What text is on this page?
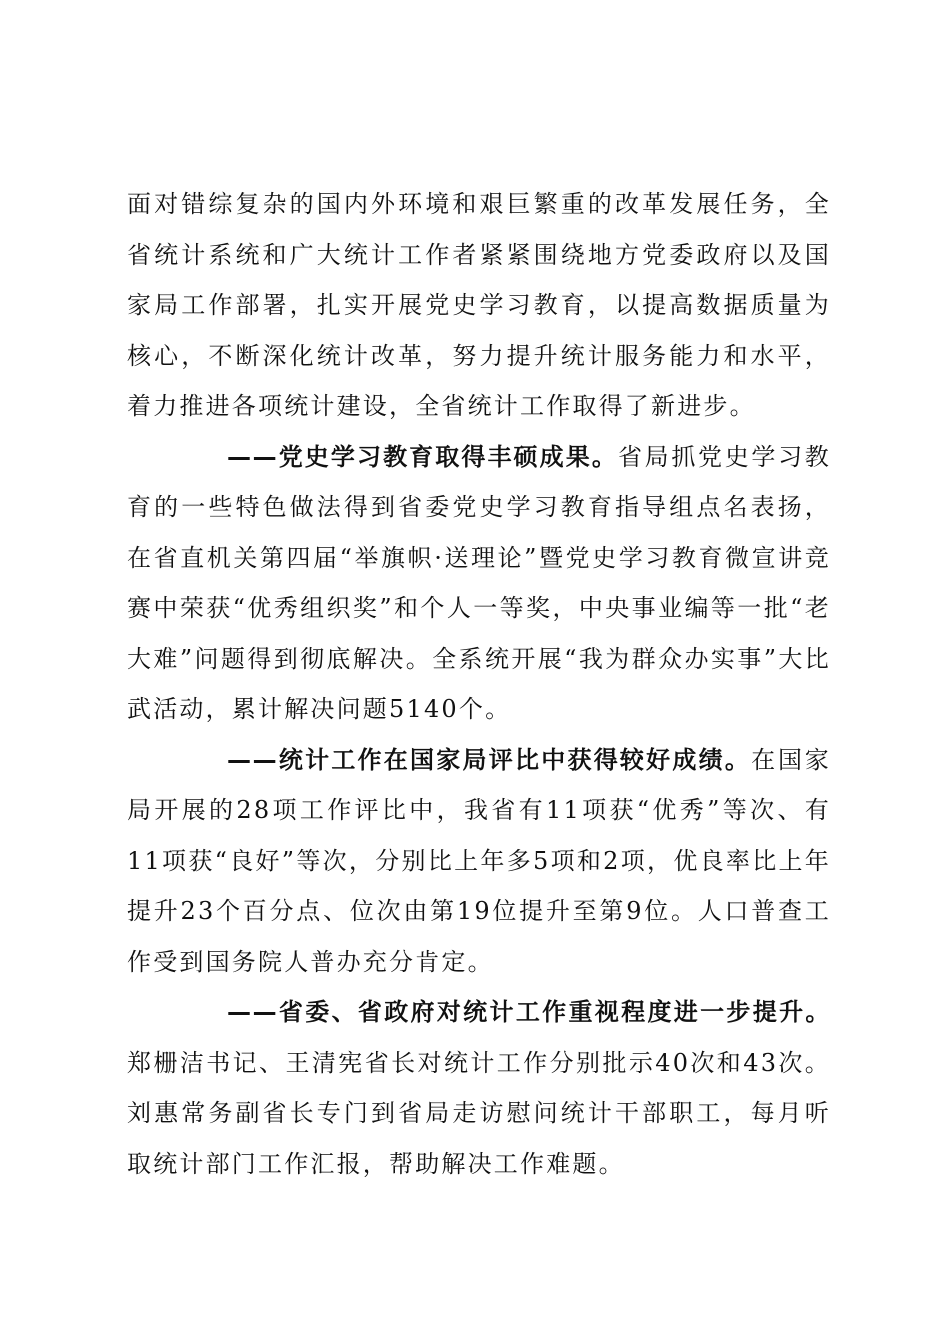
面对错综复杂的国内外环境和艰巨繁重的改革发展任务，全省统计系统和广大统计工作者紧紧围绕地方党委政府以及国家局工作部署，扎实开展党史学习教育，以提高数据质量为核心，不断深化统计改革，努力提升统计服务能力和水平，着力推进各项统计建设，全省统计工作取得了新进步。

——党史学习教育取得丰硕成果。省局抓党史学习教育的一些特色做法得到省委党史学习教育指导组点名表扬，在省直机关第四届“举旗帜·送理论”暨党史学习教育微宣讲竞赛中荣获“优秀组织奖”和个人一等奖，中央事业编等一批“老大难”问题得到彻底解决。全系统开展“我为群众办实事”大比武活动，累计解决问题5140个。

——统计工作在国家局评比中获得较好成绩。在国家局开展的28项工作评比中，我省有11项获“优秀”等次、有11项获“良好”等次，分别比上年多5项和2项，优良率比上年提升23个百分点、位次由第19位提升至第9位。人口普查工作受到国务院人普办充分肯定。

——省委、省政府对统计工作重视程度进一步提升。郑栅洁书记、王清宪省长对统计工作分别批示40次和43次。刘惠常务副省长专门到省局走访慰问统计干部职工，每月听取统计部门工作汇报，帮助解决工作难题。
